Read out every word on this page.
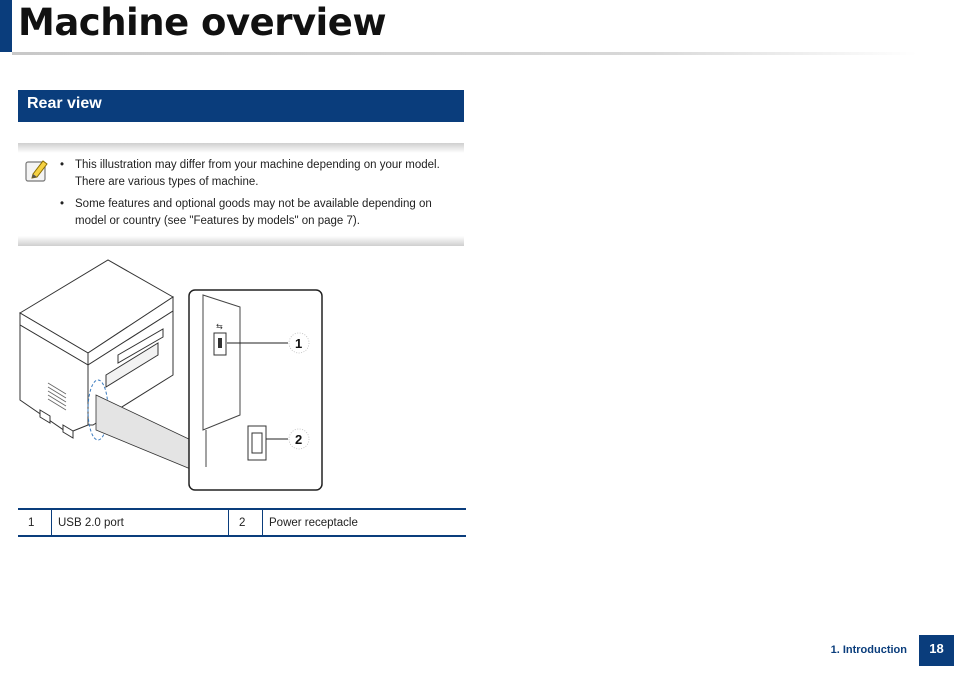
Machine overview
Rear view
• This illustration may differ from your machine depending on your model. There are various types of machine.
• Some features and optional goods may not be available depending on model or country (see "Features by models" on page 7).
⇆
1
2
1	USB 2.0 port	2	Power receptacle
1. Introduction	18
